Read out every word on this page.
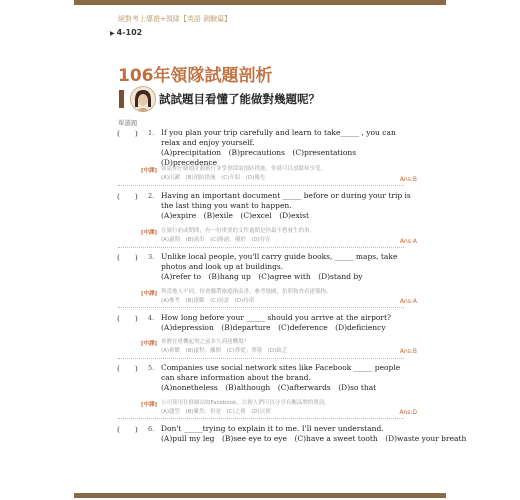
絕對考上導遊+領隊【英語 測驗篇】
▶ 4-102
106年領隊試題剖析
試試題目看懂了能做對幾題呢？
單選題
(　　) 1. If you plan your trip carefully and learn to take_____ , you can relax and enjoy yourself.
(A)precipitation　(B)precautions　(C)presentations　(D)precedence
[中譯] 如果你仔細地計劃旅行並學會採取預防措施，你就可以放鬆和享受。
(A)沉澱　(B)預防措施　(C)介紹　(D)優先	Ans:B
(　　) 2. Having an important document _____ before or during your trip is the last thing you want to happen.
(A)expire　(B)exile　(C)excel　(D)exist
[中譯] 在旅行前或期間，有一份重要的文件過期是你最不想發生的事。
(A)過期　(B)流出　(C)勝過；優於　(D)存在	Ans:A
(　　) 3. Unlike local people, you'll carry guide books, _____ maps, take photos and look up at buildings.
(A)refer to　(B)hang up　(C)agree with　(D)stand by
[中譯] 與當地人不同，你會攜帶旅遊指南書，參考地圖，拍照和查看建築物。
(A)參考　(B)掛斷　(C)同意　(D)待命	Ans:A
(　　) 4. How long before your _____ should you arrive at the airport?
(A)depression　(B)departure　(C)deference　(D)deficiency
[中譯] 你應在班機起飛之前多久到達機場？
(A)抑鬱　(B)啟程；離開　(C)尊從；尊敬　(D)缺乏	Ans:B
(　　) 5. Companies use social network sites like Facebook _____ people can share information about the brand.
(A)nonetheless　(B)although　(C)afterwards　(D)so that
[中譯] 公司使用社群網站如Facebook，以便人們可以分享有關品牌的資訊。
(A)儘管　(B)雖然；但是　(C)之後　(D)以便	Ans:D
(　　) 6. Don't _____trying to explain it to me. I'll never understand.
(A)pull my leg　(B)see eye to eye　(C)have a sweet tooth　(D)waste your breath
